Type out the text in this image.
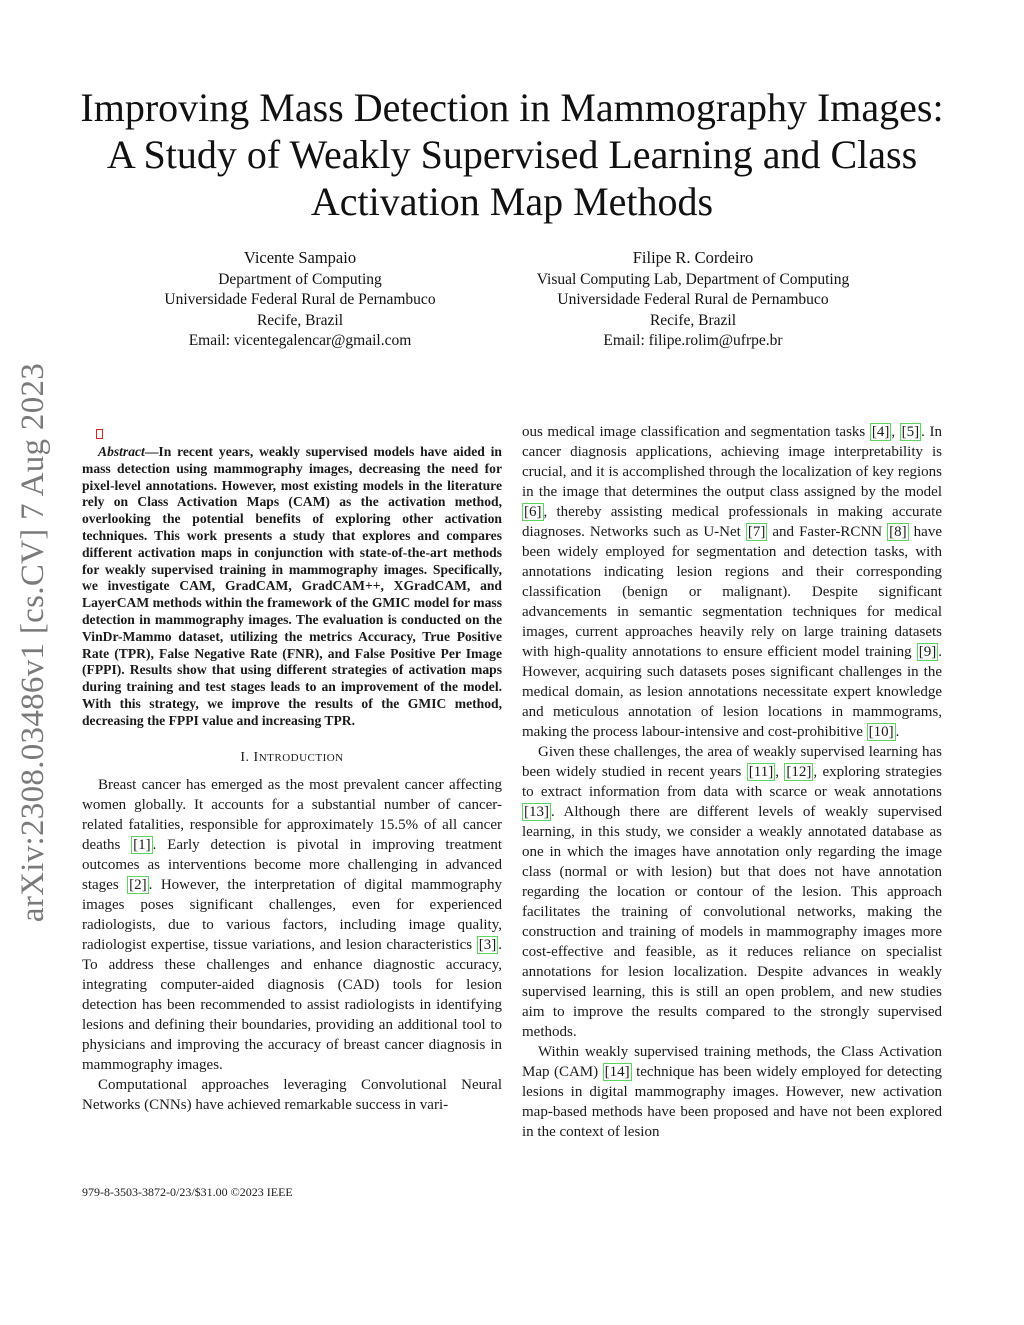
arXiv:2308.03486v1 [cs.CV] 7 Aug 2023
Improving Mass Detection in Mammography Images: A Study of Weakly Supervised Learning and Class Activation Map Methods
Vicente Sampaio
Department of Computing
Universidade Federal Rural de Pernambuco
Recife, Brazil
Email: vicentegalencar@gmail.com
Filipe R. Cordeiro
Visual Computing Lab, Department of Computing
Universidade Federal Rural de Pernambuco
Recife, Brazil
Email: filipe.rolim@ufrpe.br

Abstract—In recent years, weakly supervised models have aided in mass detection using mammography images, decreasing the need for pixel-level annotations. However, most existing models in the literature rely on Class Activation Maps (CAM) as the activation method, overlooking the potential benefits of exploring other activation techniques. This work presents a study that explores and compares different activation maps in conjunction with state-of-the-art methods for weakly supervised training in mammography images. Specifically, we investigate CAM, GradCAM, GradCAM++, XGradCAM, and LayerCAM methods within the framework of the GMIC model for mass detection in mammography images. The evaluation is conducted on the VinDr-Mammo dataset, utilizing the metrics Accuracy, True Positive Rate (TPR), False Negative Rate (FNR), and False Positive Per Image (FPPI). Results show that using different strategies of activation maps during training and test stages leads to an improvement of the model. With this strategy, we improve the results of the GMIC method, decreasing the FPPI value and increasing TPR.

I. INTRODUCTION

Breast cancer has emerged as the most prevalent cancer affecting women globally. It accounts for a substantial number of cancer-related fatalities, responsible for approximately 15.5% of all cancer deaths [1] . Early detection is pivotal in improving treatment outcomes as interventions become more challenging in advanced stages [2] . However, the interpretation of digital mammography images poses significant challenges, even for experienced radiologists, due to various factors, including image quality, radiologist expertise, tissue variations, and lesion characteristics [3] . To address these challenges and enhance diagnostic accuracy, integrating computer-aided diagnosis (CAD) tools for lesion detection has been recommended to assist radiologists in identifying lesions and defining their boundaries, providing an additional tool to physicians and improving the accuracy of breast cancer diagnosis in mammography images.

Computational approaches leveraging Convolutional Neural Networks (CNNs) have achieved remarkable success in vari-

ous medical image classification and segmentation tasks [4] , [5] . In cancer diagnosis applications, achieving image interpretability is crucial, and it is accomplished through the localization of key regions in the image that determines the output class assigned by the model [6] , thereby assisting medical professionals in making accurate diagnoses. Networks such as U-Net [7] and Faster-RCNN [8] have been widely employed for segmentation and detection tasks, with annotations indicating lesion regions and their corresponding classification (benign or malignant). Despite significant advancements in semantic segmentation techniques for medical images, current approaches heavily rely on large training datasets with high-quality annotations to ensure efficient model training [9] . However, acquiring such datasets poses significant challenges in the medical domain, as lesion annotations necessitate expert knowledge and meticulous annotation of lesion locations in mammograms, making the process labour-intensive and cost-prohibitive [10] .

Given these challenges, the area of weakly supervised learning has been widely studied in recent years [11] , [12] , exploring strategies to extract information from data with scarce or weak annotations [13] . Although there are different levels of weakly supervised learning, in this study, we consider a weakly annotated database as one in which the images have annotation only regarding the image class (normal or with lesion) but that does not have annotation regarding the location or contour of the lesion. This approach facilitates the training of convolutional networks, making the construction and training of models in mammography images more cost-effective and feasible, as it reduces reliance on specialist annotations for lesion localization. Despite advances in weakly supervised learning, this is still an open problem, and new studies aim to improve the results compared to the strongly supervised methods.

Within weakly supervised training methods, the Class Activation Map (CAM) [14] technique has been widely employed for detecting lesions in digital mammography images. However, new activation map-based methods have been proposed and have not been explored in the context of lesion

979-8-3503-3872-0/23/$31.00 ©2023 IEEE
